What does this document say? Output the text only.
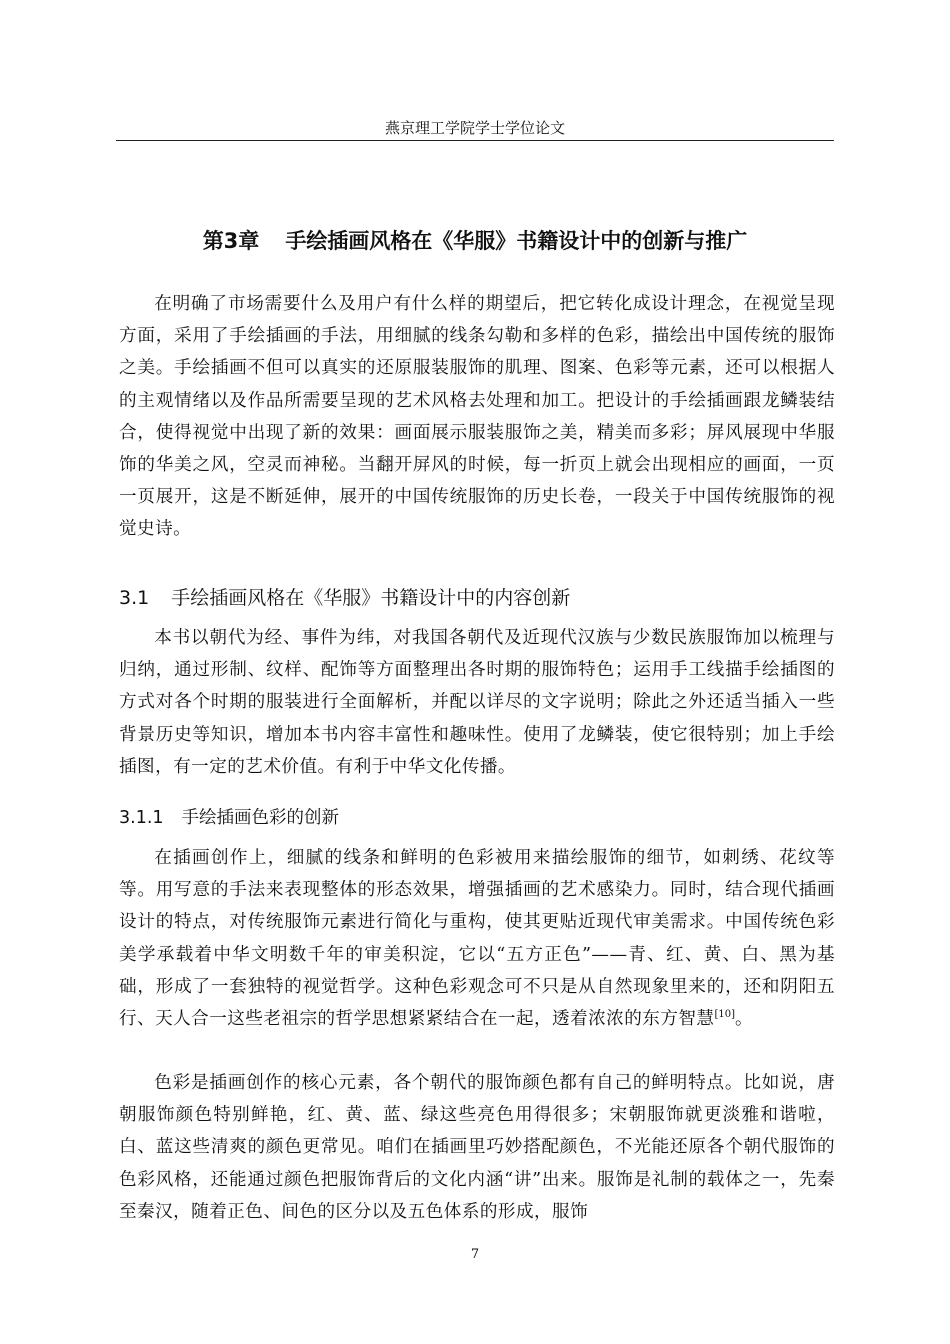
燕京理工学院学士学位论文
第3章 手绘插画风格在《华服》书籍设计中的创新与推广

在明确了市场需要什么及用户有什么样的期望后，把它转化成设计理念，在视觉呈现方面，采用了手绘插画的手法，用细腻的线条勾勒和多样的色彩，描绘出中国传统的服饰之美。手绘插画不但可以真实的还原服装服饰的肌理、图案、色彩等元素，还可以根据人的主观情绪以及作品所需要呈现的艺术风格去处理和加工。把设计的手绘插画跟龙鳞装结合，使得视觉中出现了新的效果：画面展示服装服饰之美，精美而多彩；屏风展现中华服饰的华美之风，空灵而神秘。当翻开屏风的时候，每一折页上就会出现相应的画面，一页一页展开，这是不断延伸，展开的中国传统服饰的历史长卷，一段关于中国传统服饰的视觉史诗。

3.1 手绘插画风格在《华服》书籍设计中的内容创新

本书以朝代为经、事件为纬，对我国各朝代及近现代汉族与少数民族服饰加以梳理与归纳，通过形制、纹样、配饰等方面整理出各时期的服饰特色；运用手工线描手绘插图的方式对各个时期的服装进行全面解析，并配以详尽的文字说明；除此之外还适当插入一些背景历史等知识，增加本书内容丰富性和趣味性。使用了龙鳞装，使它很特别；加上手绘插图，有一定的艺术价值。有利于中华文化传播。

3.1.1 手绘插画色彩的创新

在插画创作上，细腻的线条和鲜明的色彩被用来描绘服饰的细节，如刺绣、花纹等等。用写意的手法来表现整体的形态效果，增强插画的艺术感染力。同时，结合现代插画设计的特点，对传统服饰元素进行简化与重构，使其更贴近现代审美需求。中国传统色彩美学承载着中华文明数千年的审美积淀，它以“五方正色”——青、红、黄、白、黑为基础，形成了一套独特的视觉哲学。这种色彩观念可不只是从自然现象里来的，还和阴阳五行、天人合一这些老祖宗的哲学思想紧紧结合在一起，透着浓浓的东方智慧[10]。

色彩是插画创作的核心元素，各个朝代的服饰颜色都有自己的鲜明特点。比如说，唐朝服饰颜色特别鲜艳，红、黄、蓝、绿这些亮色用得很多；宋朝服饰就更淡雅和谐啦，白、蓝这些清爽的颜色更常见。咱们在插画里巧妙搭配颜色，不光能还原各个朝代服饰的色彩风格，还能通过颜色把服饰背后的文化内涵“讲”出来。服饰是礼制的载体之一，先秦至秦汉，随着正色、间色的区分以及五色体系的形成，服饰

7
